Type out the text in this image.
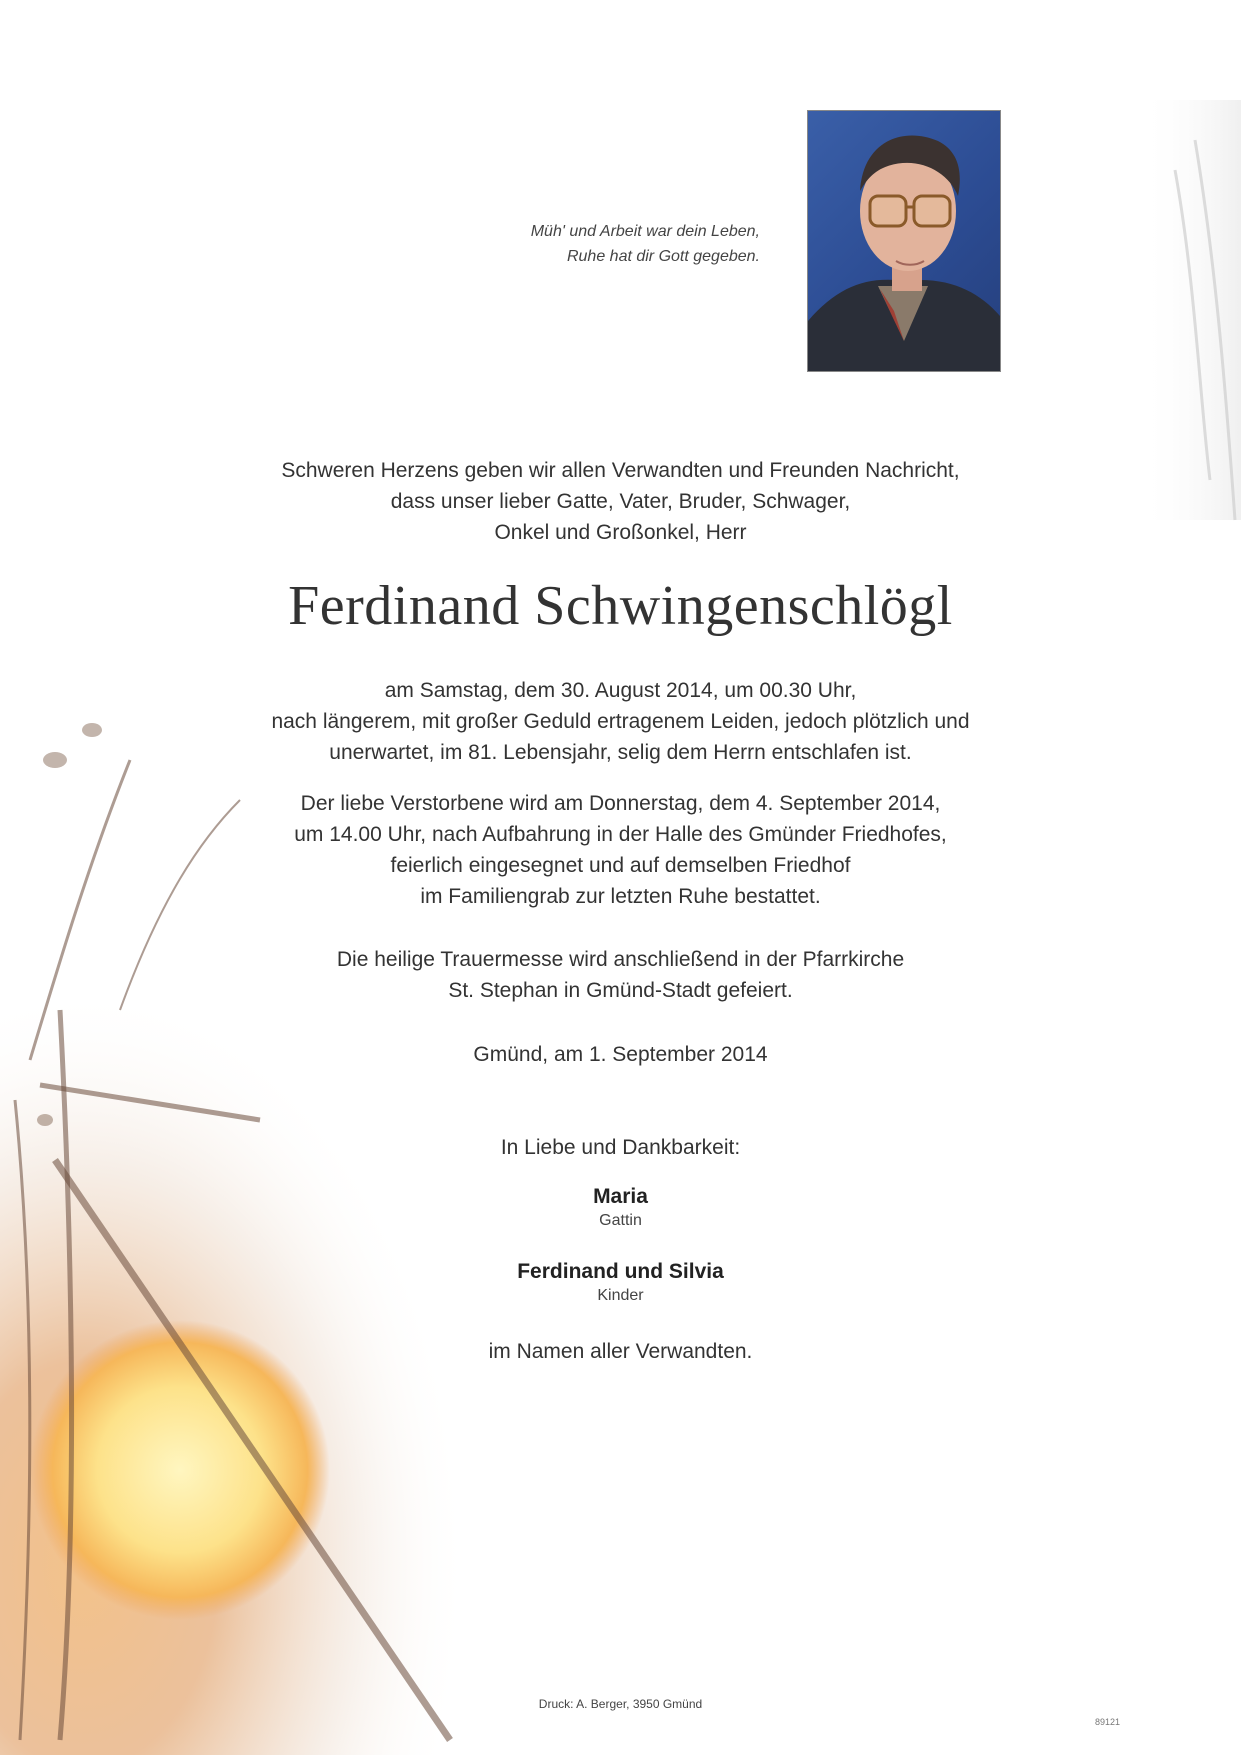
Müh' und Arbeit war dein Leben,
Ruhe hat dir Gott gegeben.
Schweren Herzens geben wir allen Verwandten und Freunden Nachricht,
dass unser lieber Gatte, Vater, Bruder, Schwager,
Onkel und Großonkel, Herr
Ferdinand Schwingenschlögl
am Samstag, dem 30. August 2014, um 00.30 Uhr,
nach längerem, mit großer Geduld ertragenem Leiden, jedoch plötzlich und
unerwartet, im 81. Lebensjahr, selig dem Herrn entschlafen ist.
Der liebe Verstorbene wird am Donnerstag, dem 4. September 2014,
um 14.00 Uhr, nach Aufbahrung in der Halle des Gmünder Friedhofes,
feierlich eingesegnet und auf demselben Friedhof
im Familiengrab zur letzten Ruhe bestattet.
Die heilige Trauermesse wird anschließend in der Pfarrkirche
St. Stephan in Gmünd-Stadt gefeiert.
Gmünd, am 1. September 2014
In Liebe und Dankbarkeit:
Maria
Gattin
Ferdinand und Silvia
Kinder
im Namen aller Verwandten.
Druck: A. Berger, 3950 Gmünd
89121
